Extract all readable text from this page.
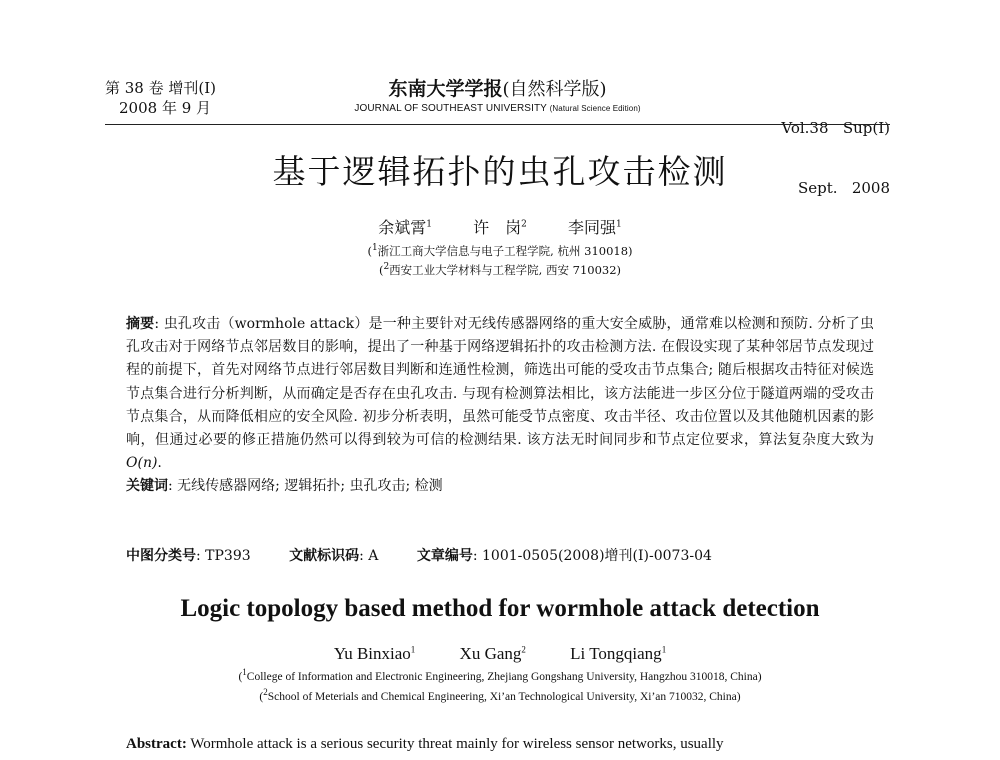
第 38 卷 增刊(Ⅰ)
2008 年 9 月
东南大学学报(自然科学版)
JOURNAL OF SOUTHEAST UNIVERSITY (Natural Science Edition)

Vol.38   Sup(Ⅰ)

Sept.   2008

基于逻辑拓扑的虫孔攻击检测
余斌霄$^1$	许　岗$^2$	李同强$^1$
($^1$浙江工商大学信息与电子工程学院, 杭州 310018)
($^2$西安工业大学材料与工程学院, 西安 710032)

摘要: 虫孔攻击（wormhole attack）是一种主要针对无线传感器网络的重大安全威胁，通常难以检测和预防. 分析了虫孔攻击对于网络节点邻居数目的影响，提出了一种基于网络逻辑拓扑的攻击检测方法. 在假设实现了某种邻居节点发现过程的前提下，首先对网络节点进行邻居数目判断和连通性检测，筛选出可能的受攻击节点集合; 随后根据攻击特征对候选节点集合进行分析判断，从而确定是否存在虫孔攻击. 与现有检测算法相比，该方法能进一步区分位于隧道两端的受攻击节点集合，从而降低相应的安全风险. 初步分析表明，虽然可能受节点密度、攻击半径、攻击位置以及其他随机因素的影响，但通过必要的修正措施仍然可以得到较为可信的检测结果. 该方法无时间同步和节点定位要求，算法复杂度大致为 O(n).

关键词: 无线传感器网络; 逻辑拓扑; 虫孔攻击; 检测

中图分类号: TP393	文献标识码: A	文章编号: 1001-0505(2008)增刊(Ⅰ)-0073-04
Logic topology based method for wormhole attack detection
Yu Binxiao$^1$	Xu Gang$^2$	Li Tongqiang$^1$
($^1$College of Information and Electronic Engineering, Zhejiang Gongshang University, Hangzhou 310018, China)
($^2$School of Meterials and Chemical Engineering, Xi’an Technological University, Xi’an 710032, China)
Abstract: Wormhole attack is a serious security threat mainly for wireless sensor networks, usually
